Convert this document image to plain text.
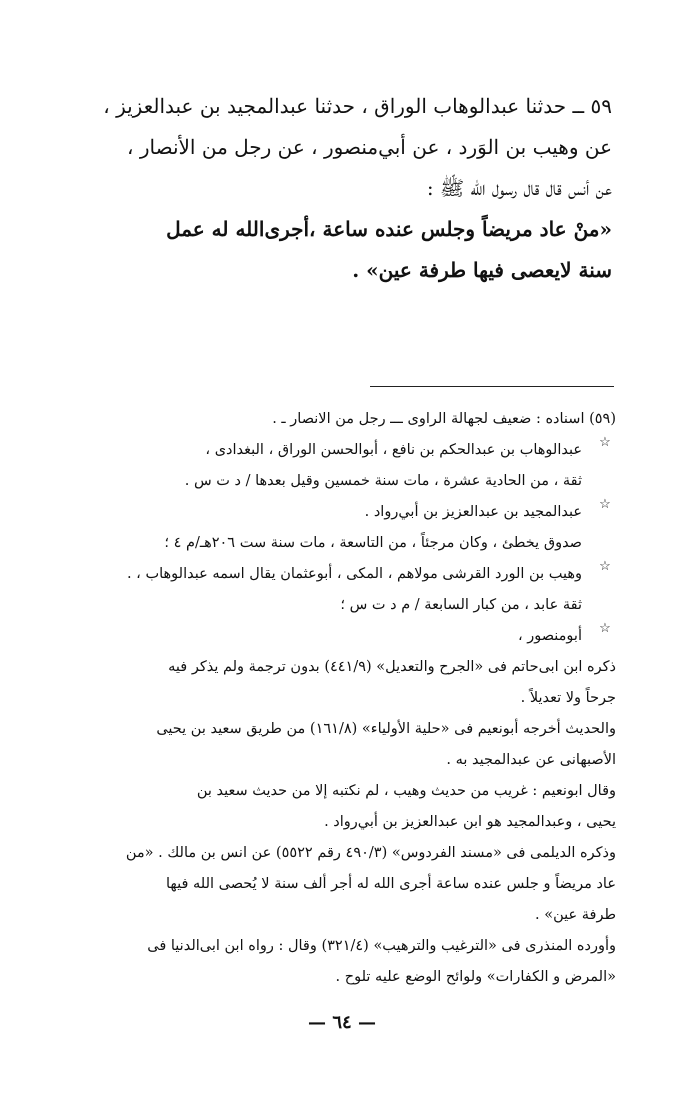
٥٩ ــ حدثنا عبدالوهاب الوراق ، حدثنا عبدالمجيد بن عبدالعزيز ،
عن وهيب بن الوَرد ، عن أبي‌منصور ، عن رجل من الأنصار ،
عن أنس قال قال رسول الله ﷺ :
«منْ عاد مريضاً وجلس عنده ساعة ،أجرى‌الله له عمل
سنة لايعصى فيها طرفة عين» .
(٥٩) اسناده : ضعيف لجهالة الراوى ـــ رجل من الانصار ـ .
☆
عبدالوهاب بن عبدالحكم بن نافع ، أبوالحسن الوراق ، البغدادى ،
ثقة ، من الحادية عشرة ، مات سنة خمسين وقيل بعدها / د ت س .
☆
عبدالمجيد بن عبدالعزيز بن أبي‌رواد .
صدوق يخطئ ، وكان مرجئاً ، من التاسعة ، مات سنة ست ٢٠٦هـ/م ٤ ؛
☆
وهيب بن الورد القرشى مولاهم ، المكى ، أبوعثمان يقال اسمه عبدالوهاب ، .
ثقة عابد ، من كبار السابعة / م د ت س ؛
☆
أبومنصور ،
ذكره ابن ابى‌حاتم فى «الجرح والتعديل» (٤٤١/٩) بدون ترجمة ولم يذكر فيه
جرحاً ولا تعديلاً .
والحديث أخرجه أبونعيم فى «حلية الأولياء» (١٦١/٨) من طريق سعيد بن يحيى
الأصبهانى عن عبدالمجيد به .
وقال ابونعيم : غريب من حديث وهيب ، لم نكتبه إلا من حديث سعيد بن
يحيى ، وعبدالمجيد هو ابن عبدالعزيز بن أبي‌رواد .
وذكره الديلمى فى «مسند الفردوس» (٤٩٠/٣ رقم ٥٥٢٢) عن انس بن مالك . «من
عاد مريضاً و جلس عنده ساعة أجرى الله له أجر ألف سنة لا يُحصى الله فيها
طرفة عين» .
وأورده المنذرى فى «الترغيب والترهيب» (٣٢١/٤) وقال : رواه ابن ابى‌الدنيا فى
«المرض و الكفارات» ولوائح الوضع عليه تلوح .
— ٦٤ —
